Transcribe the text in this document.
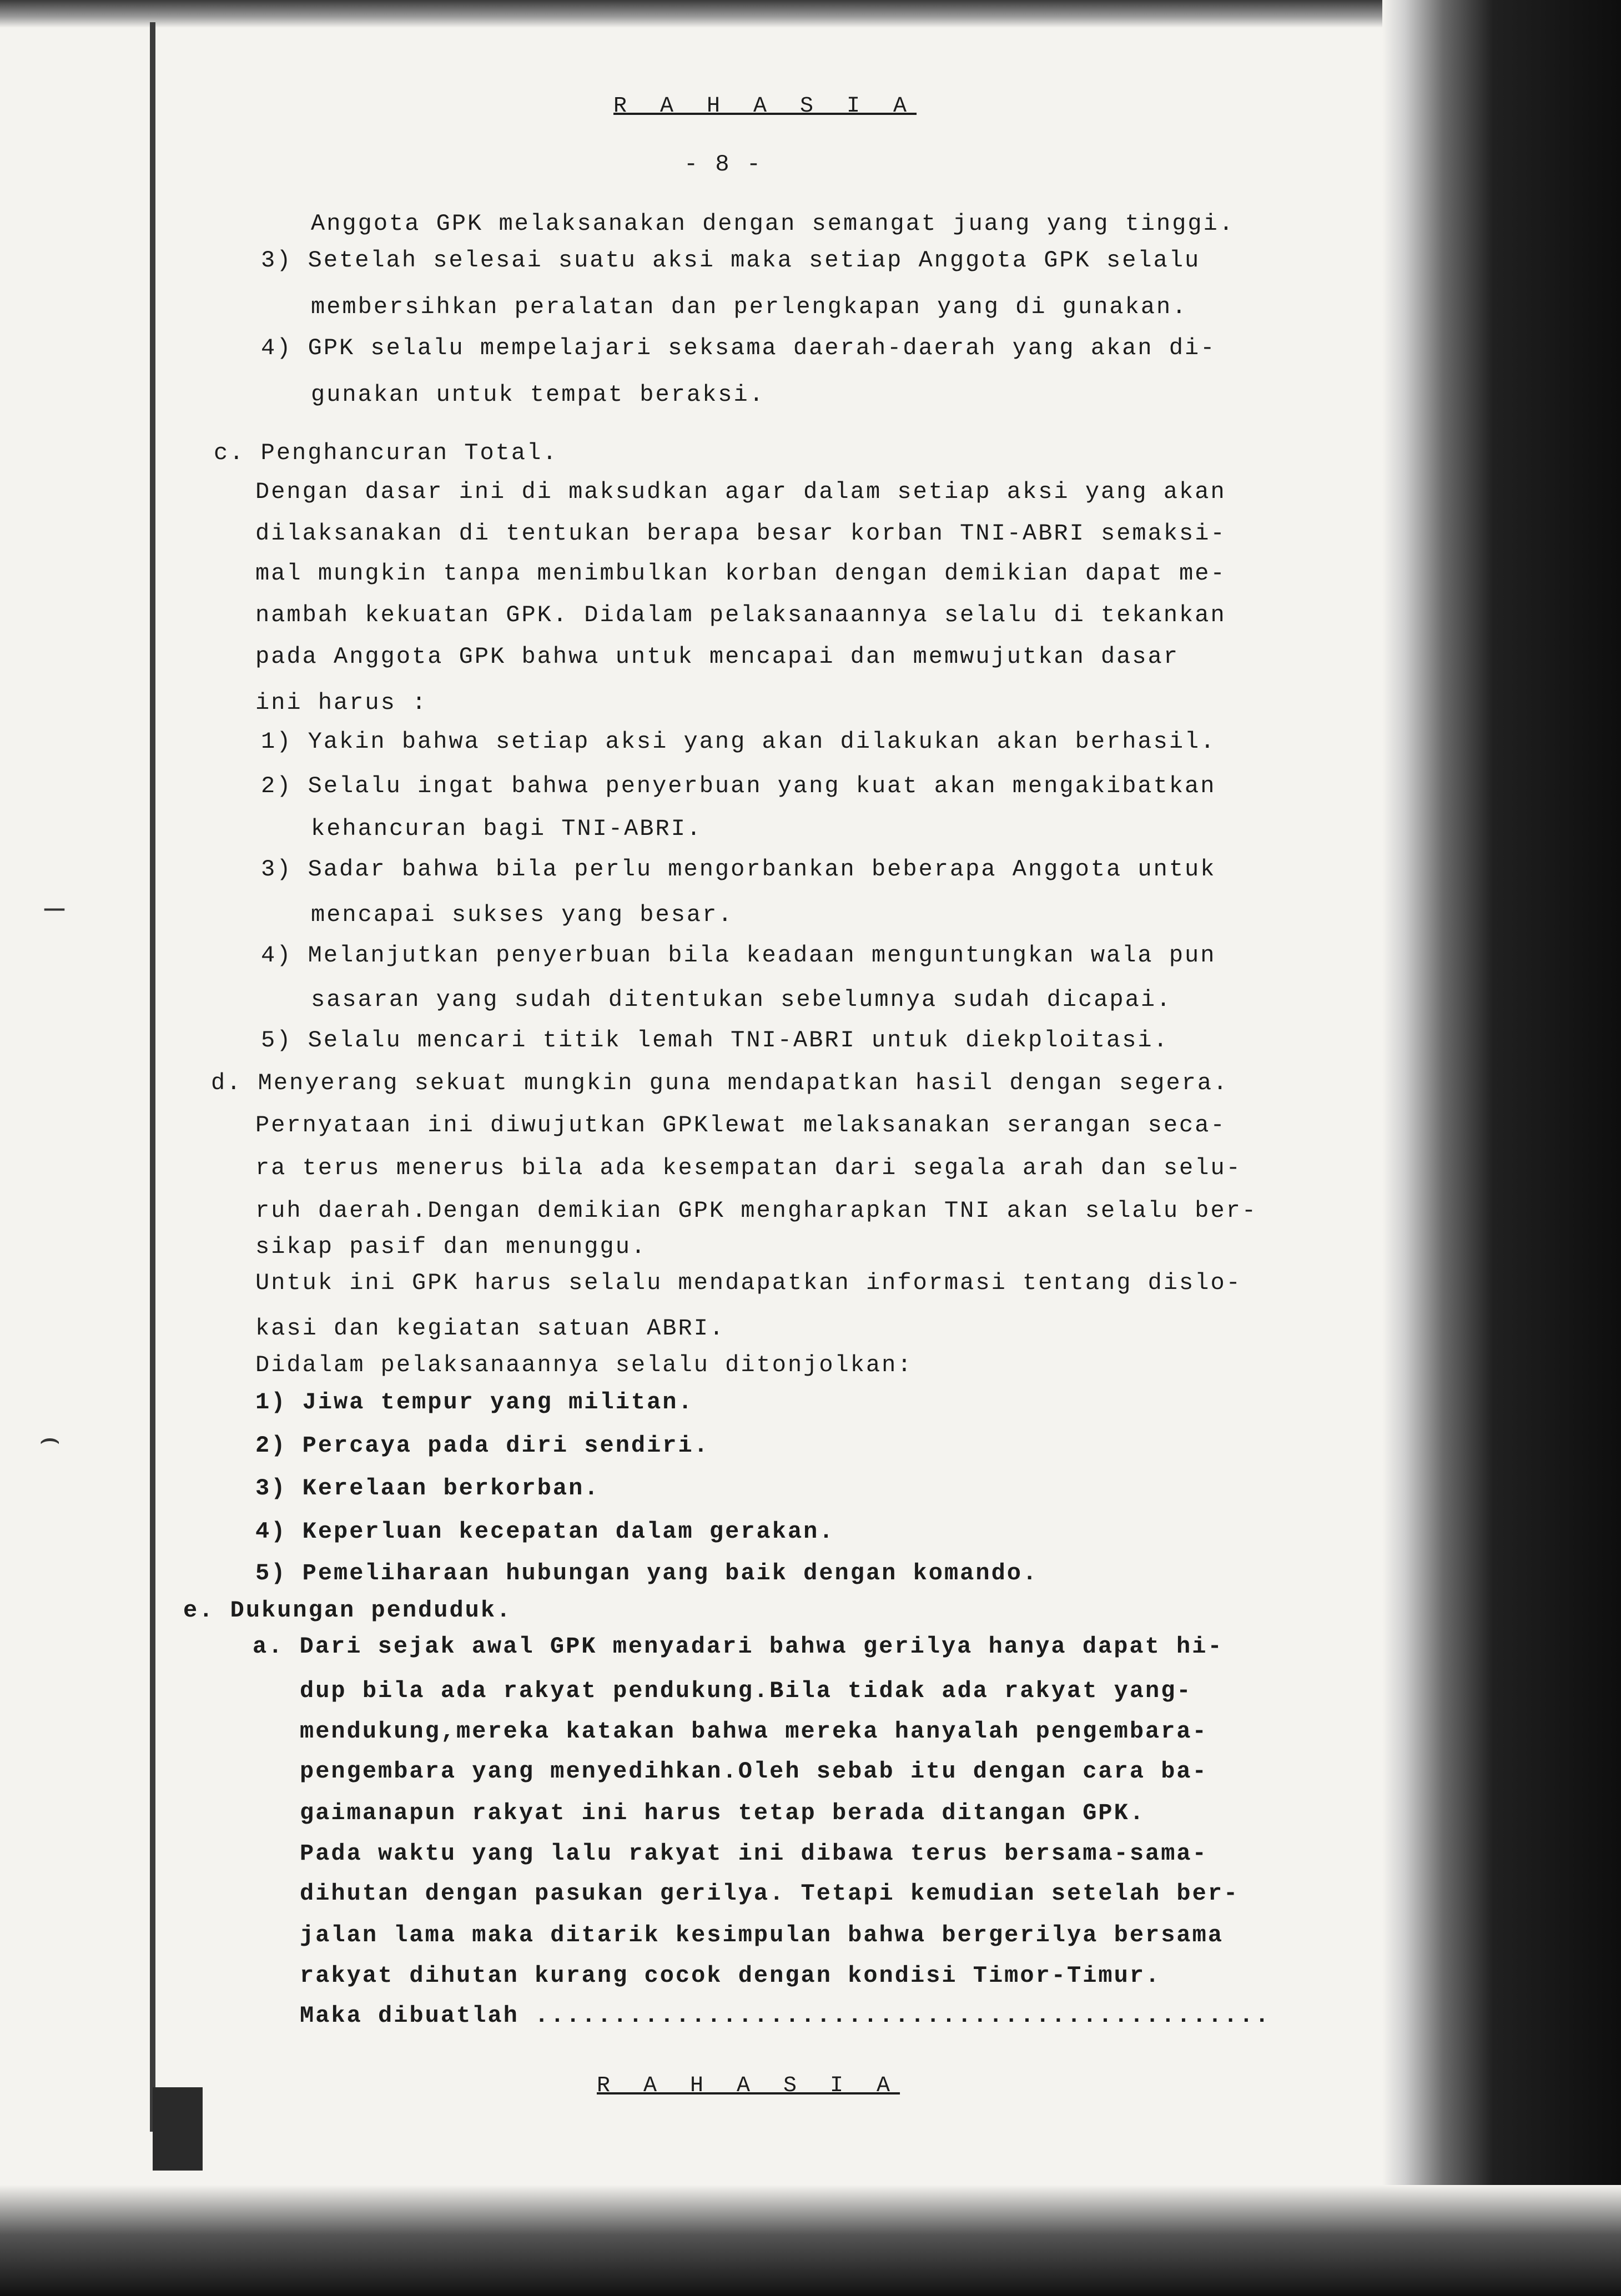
—
⌢
R A H A S I A
- 8 -
Anggota GPK melaksanakan dengan semangat juang yang tinggi.
3) Setelah selesai suatu aksi maka setiap Anggota GPK selalu
membersihkan peralatan dan perlengkapan yang di gunakan.
4) GPK selalu mempelajari seksama daerah-daerah yang akan di-
gunakan untuk tempat beraksi.
c. Penghancuran Total.
Dengan dasar ini di maksudkan agar dalam setiap aksi yang akan
dilaksanakan di tentukan berapa besar korban TNI-ABRI semaksi-
mal mungkin tanpa menimbulkan korban dengan demikian dapat me-
nambah kekuatan GPK. Didalam pelaksanaannya selalu di tekankan
pada Anggota GPK bahwa untuk mencapai dan memwujutkan dasar
ini harus :
1) Yakin bahwa setiap aksi yang akan dilakukan akan berhasil.
2) Selalu ingat bahwa penyerbuan yang kuat akan mengakibatkan
kehancuran bagi TNI-ABRI.
3) Sadar bahwa bila perlu mengorbankan beberapa Anggota untuk
mencapai sukses yang besar.
4) Melanjutkan penyerbuan bila keadaan menguntungkan wala pun
sasaran yang sudah ditentukan sebelumnya sudah dicapai.
5) Selalu mencari titik lemah TNI-ABRI untuk diekploitasi.
d. Menyerang sekuat mungkin guna mendapatkan hasil dengan segera.
Pernyataan ini diwujutkan GPKlewat melaksanakan serangan seca-
ra terus menerus bila ada kesempatan dari segala arah dan selu-
ruh daerah.Dengan demikian GPK mengharapkan TNI akan selalu ber-
sikap pasif dan menunggu.
Untuk ini GPK harus selalu mendapatkan informasi tentang dislo-
kasi dan kegiatan satuan ABRI.
Didalam pelaksanaannya selalu ditonjolkan:
1) Jiwa tempur yang militan.
2) Percaya pada diri sendiri.
3) Kerelaan berkorban.
4) Keperluan kecepatan dalam gerakan.
5) Pemeliharaan hubungan yang baik dengan komando.
e. Dukungan penduduk.
a. Dari sejak awal GPK menyadari bahwa gerilya hanya dapat hi-
dup bila ada rakyat pendukung.Bila tidak ada rakyat yang-
mendukung,mereka katakan bahwa mereka hanyalah pengembara-
pengembara yang menyedihkan.Oleh sebab itu dengan cara ba-
gaimanapun rakyat ini harus tetap berada ditangan GPK.
Pada waktu yang lalu rakyat ini dibawa terus bersama-sama-
dihutan dengan pasukan gerilya. Tetapi kemudian setelah ber-
jalan lama maka ditarik kesimpulan bahwa bergerilya bersama
rakyat dihutan kurang cocok dengan kondisi Timor-Timur.
Maka dibuatlah ...............................................
R A H A S I A
